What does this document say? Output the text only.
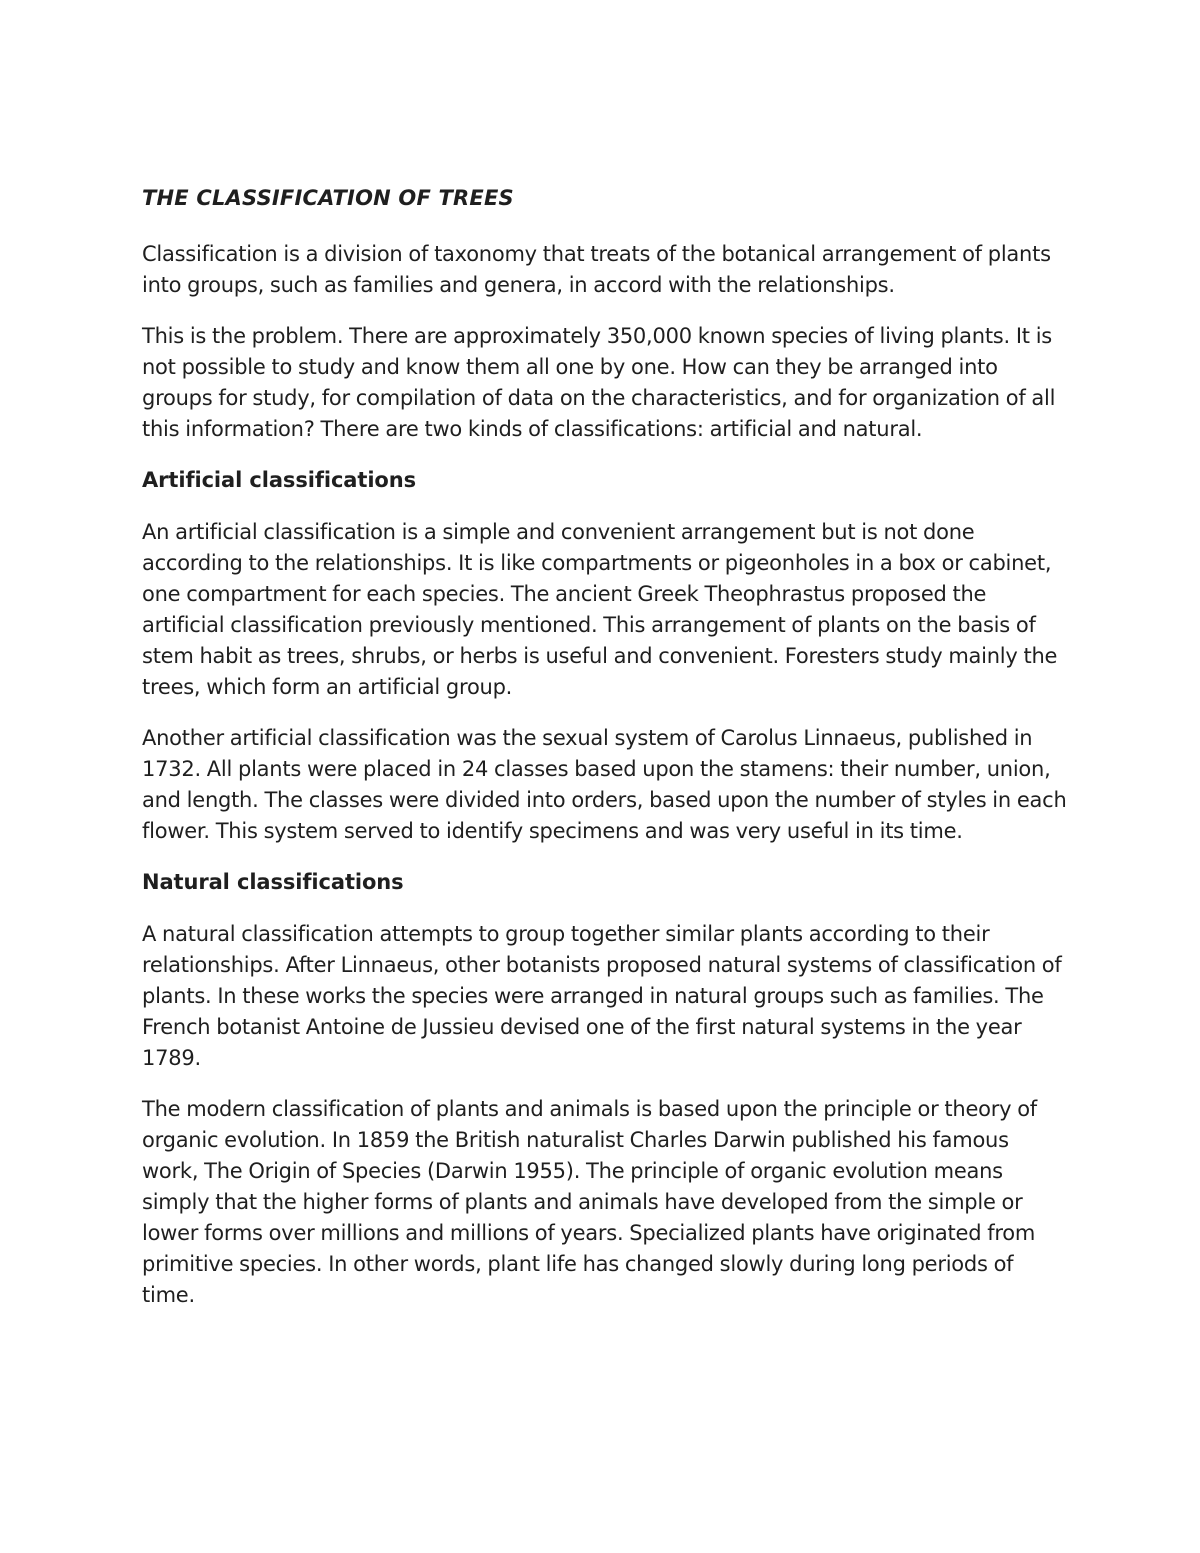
THE CLASSIFICATION OF TREES

Classification is a division of taxonomy that treats of the botanical arrangement of plants into groups, such as families and genera, in accord with the relationships.

This is the problem. There are approximately 350,000 known species of living plants. It is not possible to study and know them all one by one. How can they be arranged into groups for study, for compilation of data on the characteristics, and for organization of all this information? There are two kinds of classifications: artificial and natural.

Artificial classifications

An artificial classification is a simple and convenient arrangement but is not done according to the relationships. It is like compartments or pigeonholes in a box or cabinet, one compartment for each species. The ancient Greek Theophrastus proposed the artificial classification previously mentioned. This arrangement of plants on the basis of stem habit as trees, shrubs, or herbs is useful and convenient. Foresters study mainly the trees, which form an artificial group.

Another artificial classification was the sexual system of Carolus Linnaeus, published in 1732. All plants were placed in 24 classes based upon the stamens: their number, union, and length. The classes were divided into orders, based upon the number of styles in each flower. This system served to identify specimens and was very useful in its time.

Natural classifications

A natural classification attempts to group together similar plants according to their relationships. After Linnaeus, other botanists proposed natural systems of classification of plants. In these works the species were arranged in natural groups such as families. The French botanist Antoine de Jussieu devised one of the first natural systems in the year 1789.

The modern classification of plants and animals is based upon the principle or theory of organic evolution. In 1859 the British naturalist Charles Darwin published his famous work, The Origin of Species (Darwin 1955). The principle of organic evolution means simply that the higher forms of plants and animals have developed from the simple or lower forms over millions and millions of years. Specialized plants have originated from primitive species. In other words, plant life has changed slowly during long periods of time.
